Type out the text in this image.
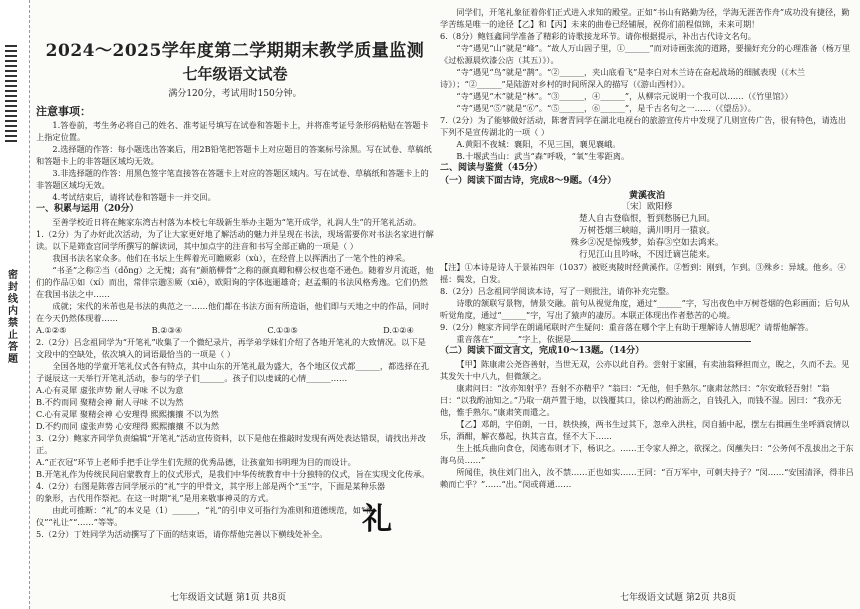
密封线内禁止答题
2024～2025学年度第二学期期末教学质量监测
七年级语文试卷
满分120分，考试用时150分钟。
注意事项：

1.答卷前，考生务必将自己的姓名、准考证号填写在试卷和答题卡上，并将准考证号条形码粘贴在答题卡上指定位置。

2.选择题的作答：每小题选出答案后，用2B铅笔把答题卡上对应题目的答案标号涂黑。写在试卷、草稿纸和答题卡上的非答题区域均无效。

3.非选择题的作答：用黑色签字笔直接答在答题卡上对应的答题区域内。写在试卷、草稿纸和答题卡上的非答题区域均无效。

4.考试结束后，请将试卷和答题卡一并交回。

一、积累与运用（20分）

至善学校近日将在鲍家东湾古村落为本校七年级新生举办主题为“笔开成学，礼润人生”的开笔礼活动。

1.（2分）为了办好此次活动，为了让大家更好地了解活动的魅力并呈现在书法，现场需要你对书法名家进行解读。以下是筛查宫同学所撰写的解读词，其中加点字的注音和书写全部正确的一项是（ ）

我国书法名家众多。他们在书坛上生辉着光可瞻厥彩（xù），在经营上以挥洒出了一笔个性的神采。

“书圣”之称②当（dǒng）之无愧；高有“颜筋柳骨”之称的颜真卿和柳公权也毫不逊色。随着岁月流逝，他们的作品①如（xí）而出，常伴宗邈⑧厥（xiē），欧阳询的字体迤逦雄奇；赵孟頫的书法风格秀逸。它们仍然在我国书法之中……

成就；宋代的米芾也是书法的典范之一……他们都在书法方面有所造诣，他们即与天地之中的作品，同时在今天仍然体现着……

A.①②⑤	B.②③④	C.①③⑤	D.①②④

2.（2分）吕念祖同学为“开笔礼”收集了一个微纪录片，再学弟学妹们介绍了各地开笔礼的大致情况。以下是文段中的空缺处，依次填入的词语最恰当的一项是（ ）

全国各地的学童开笔礼仪式各有特点，其中山东的开笔礼最为盛大，各个地区仪式都______，都选择在孔子诞辰这一天举行开笔礼活动，参与的学子们______。孩子们以虔诚的心情______……

A.心有灵犀 虚张声势 耐人寻味 不以为意

B.不约而同 聚精会神 耐人寻味 不以为然

C.心有灵犀 聚精会神 心安理得 熙熙攘攘 不以为然

D.不约而同 虚张声势 心安理得 熙熙攘攘 不以为然

3.（2分）鲍家齐同学负责编辑“开笔礼”活动宣传资料，以下是他在推敲时发现有两处表达错误，请找出并改正。

A.“正衣冠”环节上老师手把手让学生们先照的优秀品德，让孩童知书明理为目的而设计。

B.开笔礼作为传统民间启蒙教育上的仪式形式，是我们中华传统教育中十分独特的仪式，旨在实现文化传承。

4.（2分）右图是陈蓉吉同学展示的“礼”字的甲骨文，其字形上部是两个“玉”字，下面是某种乐器的象形，古代用作祭祀。在这一时期“礼”是用来敬事神灵的方式。

由此可推断：“礼”的本义是（1）______，“礼”的引申义可指行为准则和道德规范，如“礼仪”“礼让”“……”等等。

5.（2分）丁姓同学为活动撰写了下面的结束语，请你帮他完善以下横线处补全。	礼

同学们，开笔礼象征着你们正式进入求知的殿堂。正如“书山有路勤为径，学海无涯苦作舟”成功没有捷径，勤学苦练是唯一的途径【乙】和【丙】未来的曲卷已经铺展，祝你们前程似锦，未来可期！

6.（8分）鲍钰鑫同学准备了精彩的诗歌接龙环节。请你根据提示，补出古代诗文名句。

“寺”遇见“山”就是“峰”。“故人万山固子里，①______”而对诗画张流的道路，要揣好充分的心理准备（杨万里《过松源晨炊漆公店（其五）》）。

“寺”遇见“鸟”就是“鹊”。“②______，夹山底看飞”是李白对木兰诗在奋起战场的细腻表现（《木兰诗》）；“②______”是陆游对乡村的时间所深入的描写（《游山西村》）。

“寺”遇见“木”就是“林”。“③______，④______”，从柳宗元说明一个我可以……（《竹里馆》）

“寺”遇见“⑤”就是“⑥”。“⑤______，⑥______”，是千古名句之一……（《望岳》）。

7.（2分）为了能够做好活动，陈奢青同学在湖北电视台的旅游宣传片中发现了几则宣传广告，很有特色，请选出下列不是宣传湖北的一项（ ）

A.黄阳不夜城：襄阳，不见三国，襄见襄峨。

B.十堰武当山：武当“森”呼吸，“氧”生零距离。

二、阅读与鉴赏（45分）
（一）阅读下面古诗，完成8～9题。（4分）
黄溪夜泊
〔宋〕欧阳修
楚人自古登临恨，暂到愁肠已九回。
万树苍烟三峡暗，满川明月一猿哀。
殊乡②况是惊残梦，始春③空如去鸿来。
行见江山且吟咏，不因迁谪岂能来。

【注】①本诗是诗人于景祐四年（1037）被贬夷陵时经黄溪作。②暂到：刚到，乍到。③殊乡：异域。他乡。④摇：鬓发，白发。

8.（2分）吕念祖同学阅读本诗，写了一则批注，请你补充完整。

诗歌的颔联写景物，情景交融。前句从视觉角度，通过“______”字，写出夜色中万树苍烟的色彩画面；后句从听觉角度，通过“______”字，写出了猿声的凄厉。本联正体现出作者愁苦的心境。

9.（2分）鲍家齐同学在朗诵尾联时产生疑问：重音落在哪个字上有助于理解诗人情思呢？请帮他解答。

重音落在“______”字上，依据是

（二）阅读下面文言文，完成10～13题。（14分）

【甲】陈康肃公尧咨善射，当世无双，公亦以此自矜。尝射于家圃，有卖油翁释担而立，睨之，久而不去。见其发矢十中八九，但微颔之。

康肃问曰：“汝亦知射乎？吾射不亦精乎？”翁曰：“无他，但手熟尔。”康肃忿然曰：“尔安敢轻吾射！”翁曰：“以我酌油知之。”乃取一葫芦置于地，以钱覆其口，徐以杓酌油沥之，自钱孔入，而钱不湿。因曰：“我亦无他，惟手熟尔。”康肃笑而遣之。

【乙】邓朗，字伯朗，一日，轶快揍，两书生过其下，忽牵入洪柱，闵自插中起，摆左右揖画生坐呼酒哀情以乐，酒酣，解衣慕起，执其言直，怪不大下……

生上抵兵曲向食仓，闵逃布则才下，杨识之。……王令家人掸之，欲探之。闵蘸失曰：“公务何不乱拔出之于东海乌员……”

所闻佳，执住刘门出入，汝不禁……正也如实……王同：“百万军中，可刺夫持子？”闵……“安国清泽，得非吕赖而亡乎？”……“出。”闵或蒋通……

七年级语文试题 第1页 共8页	七年级语文试题 第2页 共8页
